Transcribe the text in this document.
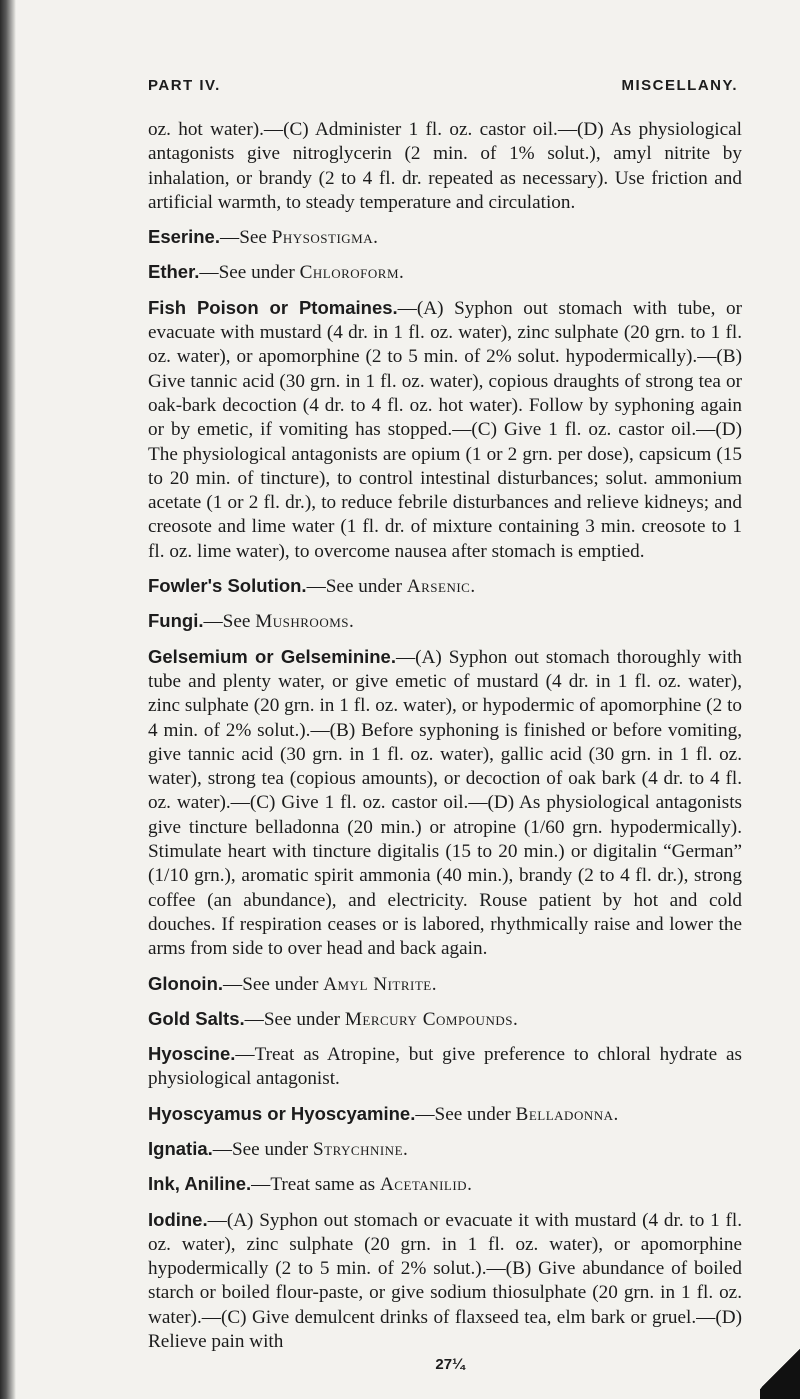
PART IV.	MISCELLANY.

oz. hot water).—(C) Administer 1 fl. oz. castor oil.—(D) As physiological antagonists give nitroglycerin (2 min. of 1% solut.), amyl nitrite by inhalation, or brandy (2 to 4 fl. dr. repeated as necessary). Use friction and artificial warmth, to steady temperature and circulation.

Eserine.—See Physostigma.

Ether.—See under Chloroform.

Fish Poison or Ptomaines.—(A) Syphon out stomach with tube, or evacuate with mustard (4 dr. in 1 fl. oz. water), zinc sulphate (20 grn. to 1 fl. oz. water), or apomorphine (2 to 5 min. of 2% solut. hypodermically).—(B) Give tannic acid (30 grn. in 1 fl. oz. water), copious draughts of strong tea or oak-bark decoction (4 dr. to 4 fl. oz. hot water). Follow by syphoning again or by emetic, if vomiting has stopped.—(C) Give 1 fl. oz. castor oil.—(D) The physiological antagonists are opium (1 or 2 grn. per dose), capsicum (15 to 20 min. of tincture), to control intestinal disturbances; solut. ammonium acetate (1 or 2 fl. dr.), to reduce febrile disturbances and relieve kidneys; and creosote and lime water (1 fl. dr. of mixture containing 3 min. creosote to 1 fl. oz. lime water), to overcome nausea after stomach is emptied.

Fowler's Solution.—See under Arsenic.

Fungi.—See Mushrooms.

Gelsemium or Gelseminine.—(A) Syphon out stomach thoroughly with tube and plenty water, or give emetic of mustard (4 dr. in 1 fl. oz. water), zinc sulphate (20 grn. in 1 fl. oz. water), or hypodermic of apomorphine (2 to 4 min. of 2% solut.).—(B) Before syphoning is finished or before vomiting, give tannic acid (30 grn. in 1 fl. oz. water), gallic acid (30 grn. in 1 fl. oz. water), strong tea (copious amounts), or decoction of oak bark (4 dr. to 4 fl. oz. water).—(C) Give 1 fl. oz. castor oil.—(D) As physiological antagonists give tincture belladonna (20 min.) or atropine (1/60 grn. hypodermically). Stimulate heart with tincture digitalis (15 to 20 min.) or digitalin “German” (1/10 grn.), aromatic spirit ammonia (40 min.), brandy (2 to 4 fl. dr.), strong coffee (an abundance), and electricity. Rouse patient by hot and cold douches. If respiration ceases or is labored, rhythmically raise and lower the arms from side to over head and back again.

Glonoin.—See under Amyl Nitrite.

Gold Salts.—See under Mercury Compounds.

Hyoscine.—Treat as Atropine, but give preference to chloral hydrate as physiological antagonist.

Hyoscyamus or Hyoscyamine.—See under Belladonna.

Ignatia.—See under Strychnine.

Ink, Aniline.—Treat same as Acetanilid.

Iodine.—(A) Syphon out stomach or evacuate it with mustard (4 dr. to 1 fl. oz. water), zinc sulphate (20 grn. in 1 fl. oz. water), or apomorphine hypodermically (2 to 5 min. of 2% solut.).—(B) Give abundance of boiled starch or boiled flour-paste, or give sodium thiosulphate (20 grn. in 1 fl. oz. water).—(C) Give demulcent drinks of flaxseed tea, elm bark or gruel.—(D) Relieve pain with

27¼
